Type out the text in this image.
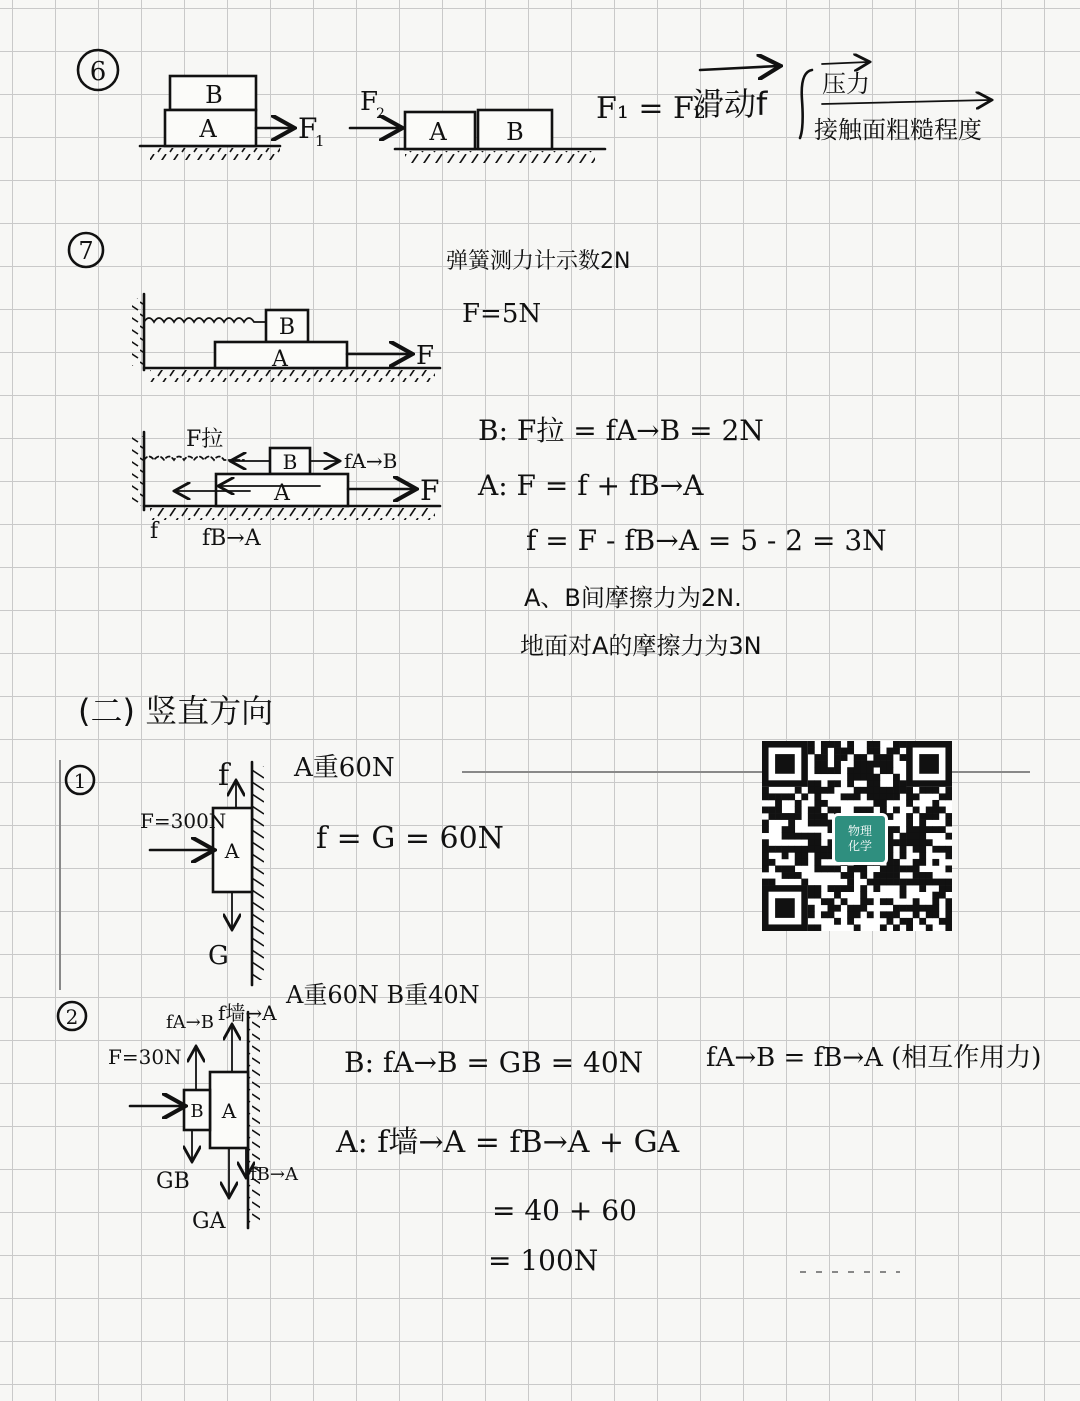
6
B
A	F
1
F
2
A B
F₁ = F₂
滑动f
压力
接触面粗糙程度
7	弹簧测力计示数2N
F=5N
B
A	F
B
A
F拉
fA→B
F
f fB→A
B: F拉 = fA→B = 2N
A: F = f + fB→A
f = F - fB→A = 5 - 2 = 3N
A、B间摩擦力为2N.
地面对A的摩擦力为3N
(二) 竖直方向
1
A
f
F=300N
G
A重60N
f = G = 60N
2
A重60N B重40N
A
B
F=30N
fA→B f墙→A
GB
GA
fB→A
B: fA→B = GB = 40N fA→B = fB→A (相互作用力)
A: f墙→A = fB→A + GA
= 40 + 60
= 100N
物理
化学
